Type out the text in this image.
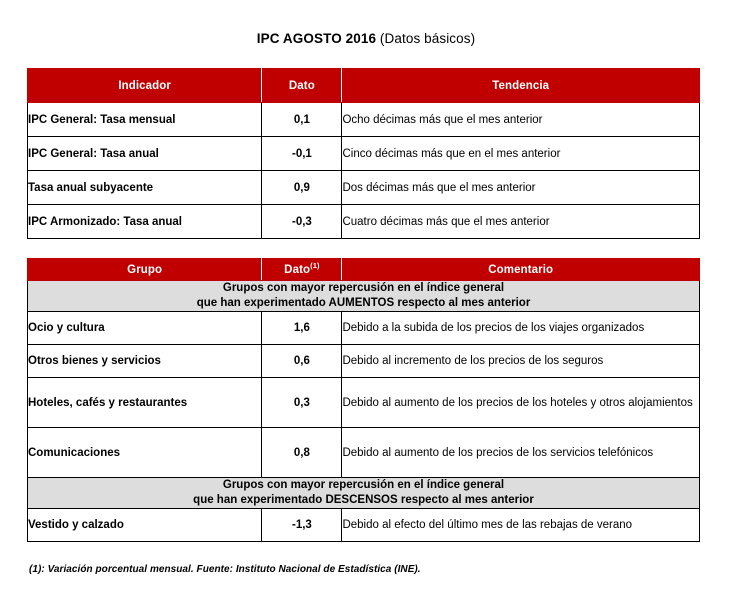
IPC AGOSTO 2016 (Datos básicos)
Indicador	Dato	Tendencia
IPC General: Tasa mensual	0,1	Ocho décimas más que el mes anterior
IPC General: Tasa anual	-0,1	Cinco décimas más que en el mes anterior
Tasa anual subyacente	0,9	Dos décimas más que el mes anterior
IPC Armonizado: Tasa anual	-0,3	Cuatro décimas más que el mes anterior
Grupo	Dato$^{(1)}$	Comentario

Grupos con mayor repercusión en el índice general
que han experimentado AUMENTOS respecto al mes anterior		

Ocio y cultura	1,6	Debido a la subida de los precios de los viajes organizados
Otros bienes y servicios	0,6	Debido al incremento de los precios de los seguros
Hoteles, cafés y restaurantes	0,3	Debido al aumento de los precios de los hoteles y otros alojamientos
Comunicaciones	0,8	Debido al aumento de los precios de los servicios telefónicos

Grupos con mayor repercusión en el índice general
que han experimentado DESCENSOS respecto al mes anterior		

Vestido y calzado	-1,3	Debido al efecto del último mes de las rebajas de verano
(1): Variación porcentual mensual. Fuente: Instituto Nacional de Estadística (INE).
